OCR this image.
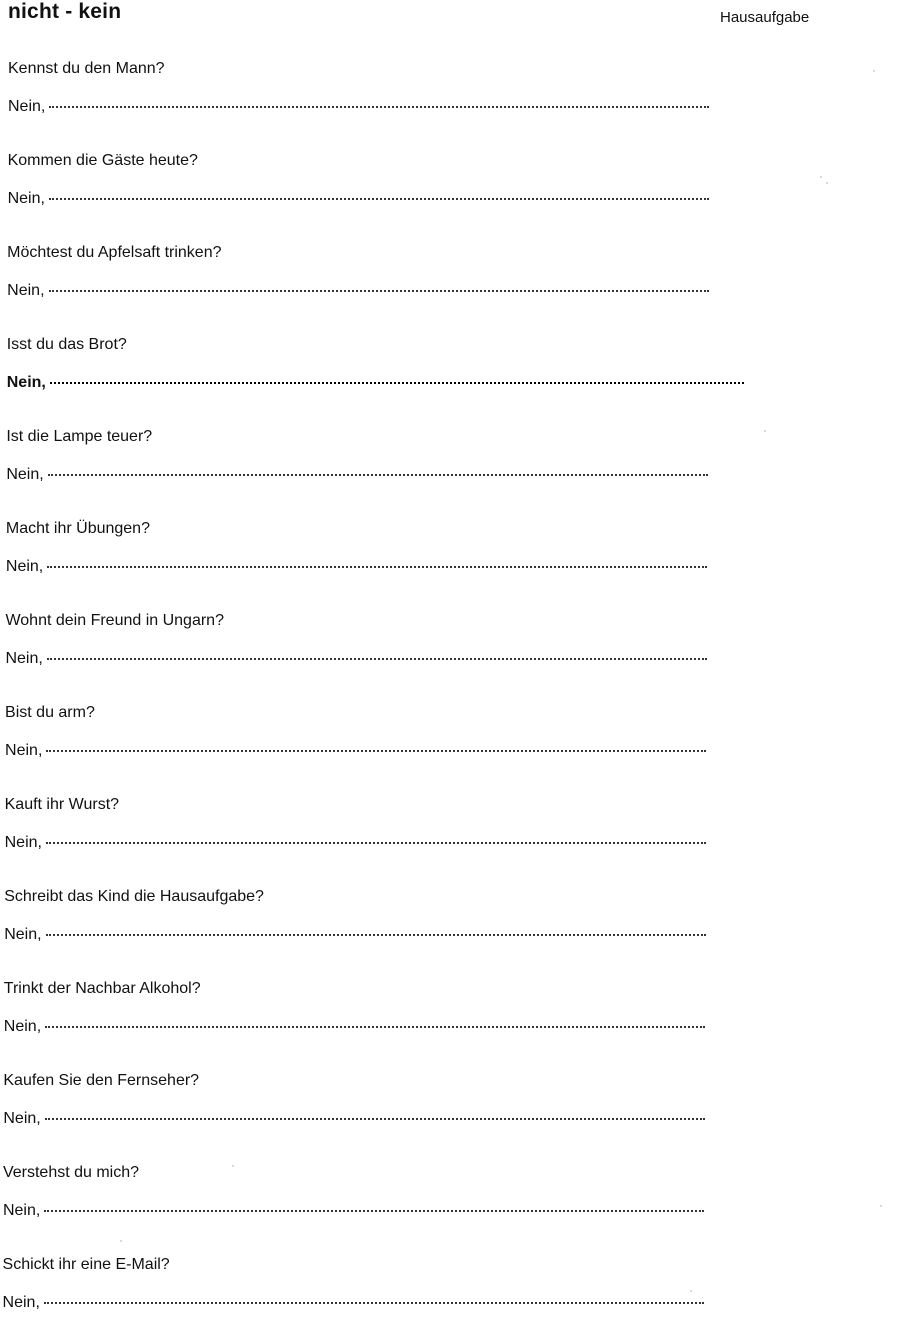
nicht - kein	Hausaufgabe
Kennst du den Mann?
Nein,
Kommen die Gäste heute?
Nein,
Möchtest du Apfelsaft trinken?
Nein,
Isst du das Brot?
Nein,
Ist die Lampe teuer?
Nein,
Macht ihr Übungen?
Nein,
Wohnt dein Freund in Ungarn?
Nein,
Bist du arm?
Nein,
Kauft ihr Wurst?
Nein,
Schreibt das Kind die Hausaufgabe?
Nein,
Trinkt der Nachbar Alkohol?
Nein,
Kaufen Sie den Fernseher?
Nein,
Verstehst du mich?
Nein,
Schickt ihr eine E-Mail?
Nein,
